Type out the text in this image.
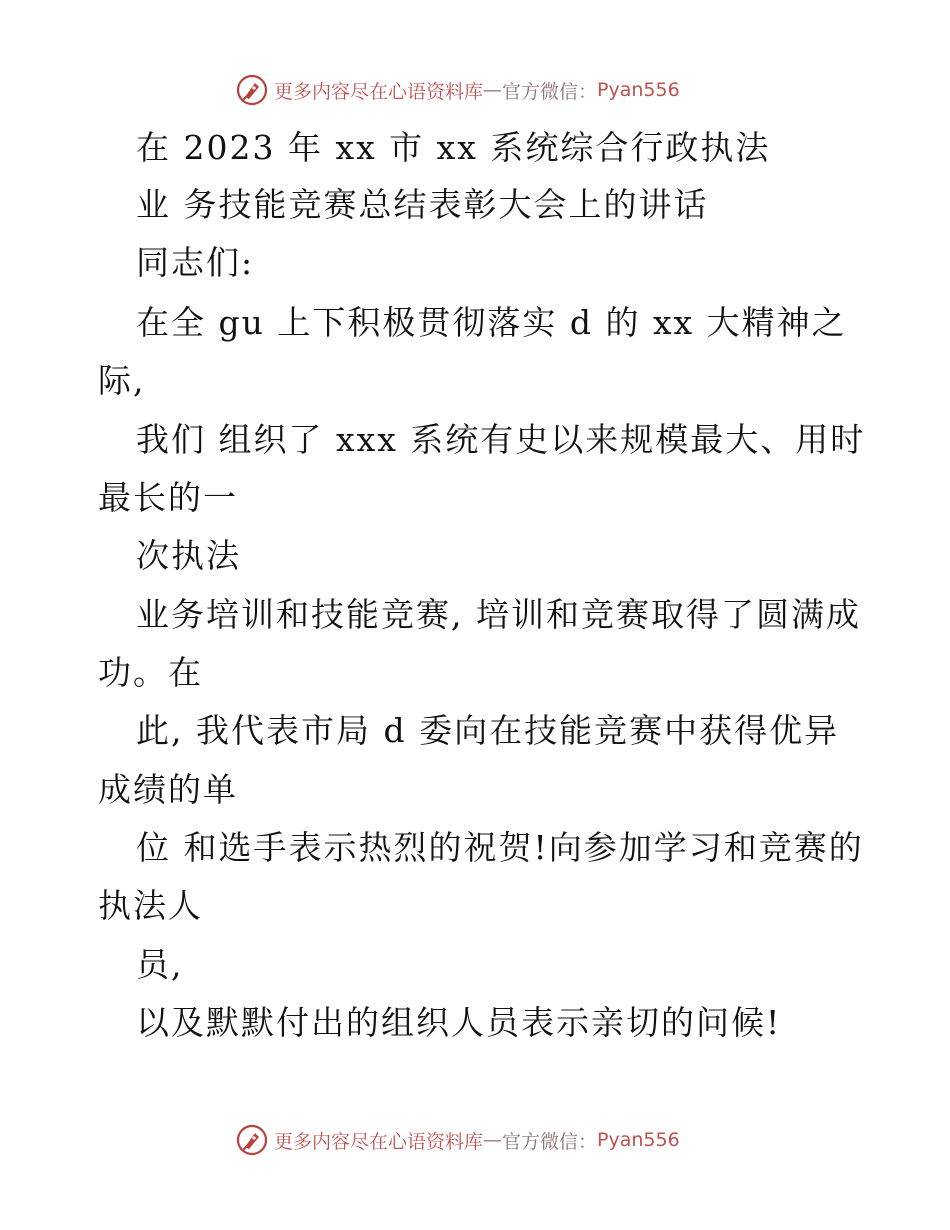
更多内容尽在心语资料库 — 官方微信： Pyan556
在 2023 年 xx 市 xx 系统综合行政执法
业 务技能竞赛总结表彰大会上的讲话
同志们:
在全 gu 上下积极贯彻落实 d 的 xx 大精神之
际,
我们 组织了 xxx 系统有史以来规模最大、用时
最长的一
次执法
业务培训和技能竞赛, 培训和竞赛取得了圆满成
功。在
此, 我代表市局 d 委向在技能竞赛中获得优异
成绩的单
位 和选手表示热烈的祝贺!向参加学习和竞赛的
执法人
员,
以及默默付出的组织人员表示亲切的问候!
更多内容尽在心语资料库 — 官方微信： Pyan556
